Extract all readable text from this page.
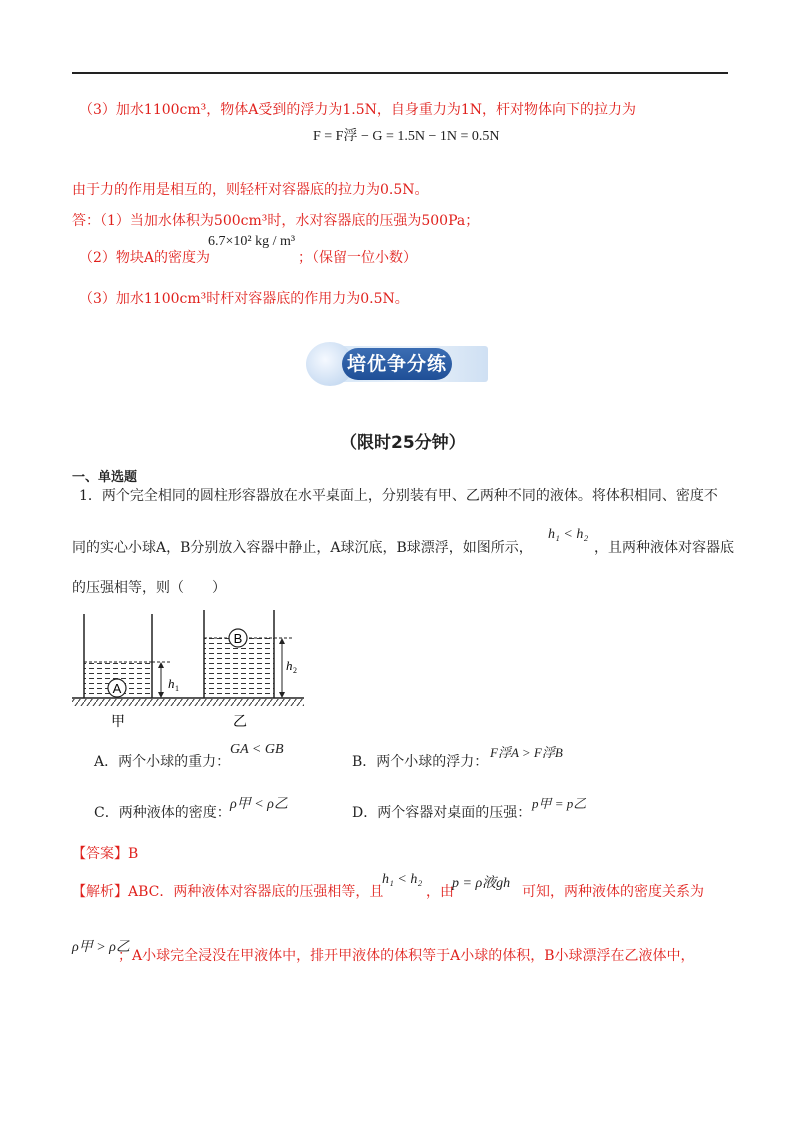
（3）加水1100cm³，物体A受到的浮力为1.5N，自身重力为1N，杆对物体向下的拉力为
F = F浮 − G = 1.5N − 1N = 0.5N
由于力的作用是相互的，则轻杆对容器底的拉力为0.5N。
答：（1）当加水体积为500cm³时，水对容器底的压强为500Pa；
（2）物块A的密度为
6.7×10² kg / m³
；（保留一位小数）
（3）加水1100cm³时杆对容器底的作用力为0.5N。
培优争分练
（限时25分钟）
一、单选题
1．两个完全相同的圆柱形容器放在水平桌面上，分别装有甲、乙两种不同的液体。将体积相同、密度不
同的实心小球A，B分别放入容器中静止，A球沉底，B球漂浮，如图所示，
h₁ < h₂
，且两种液体对容器底
的压强相等，则（　　）
A	h 1
B
h 2
甲	乙
A．两个小球的重力：
GA < GB
B．两个小球的浮力：
F浮A > F浮B
C．两种液体的密度：
ρ甲 < ρ乙
D．两个容器对桌面的压强：
p甲 = p乙
【答案】B
【解析】ABC．两种液体对容器底的压强相等，且
h₁ < h₂
，由
p = ρ液gh
可知，两种液体的密度关系为
ρ甲 > ρ乙
；A小球完全浸没在甲液体中，排开甲液体的体积等于A小球的体积，B小球漂浮在乙液体中，
